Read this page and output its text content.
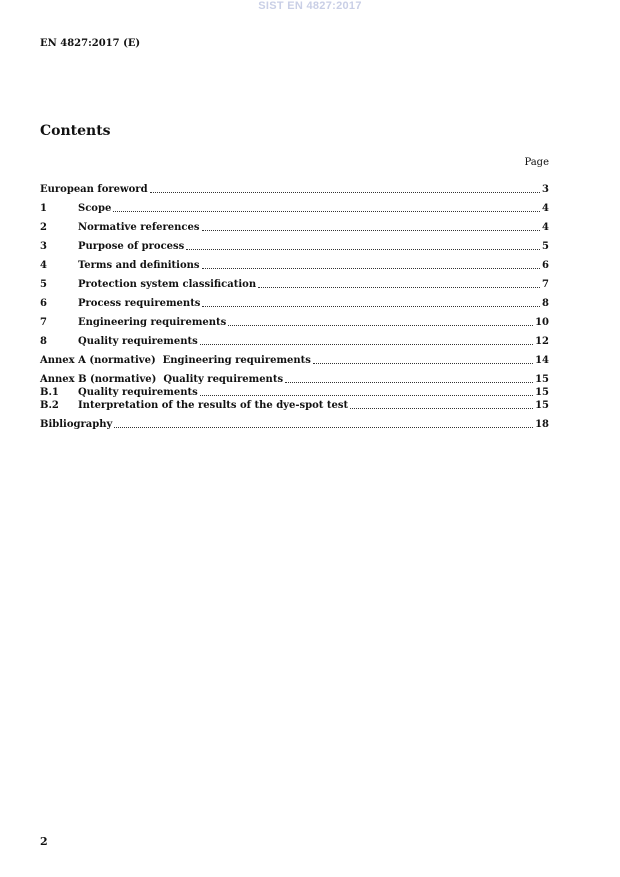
SIST EN 4827:2017
EN 4827:2017 (E)
Contents
Page
European foreword	3
1	Scope	4
2	Normative references	4
3	Purpose of process	5
4	Terms and definitions	6
5	Protection system classification	7
6	Process requirements	8
7	Engineering requirements	10
8	Quality requirements	12
Annex A (normative)  Engineering requirements	14
Annex B (normative)  Quality requirements	15
B.1	Quality requirements	15
B.2	Interpretation of the results of the dye-spot test	15
Bibliography	18
2
